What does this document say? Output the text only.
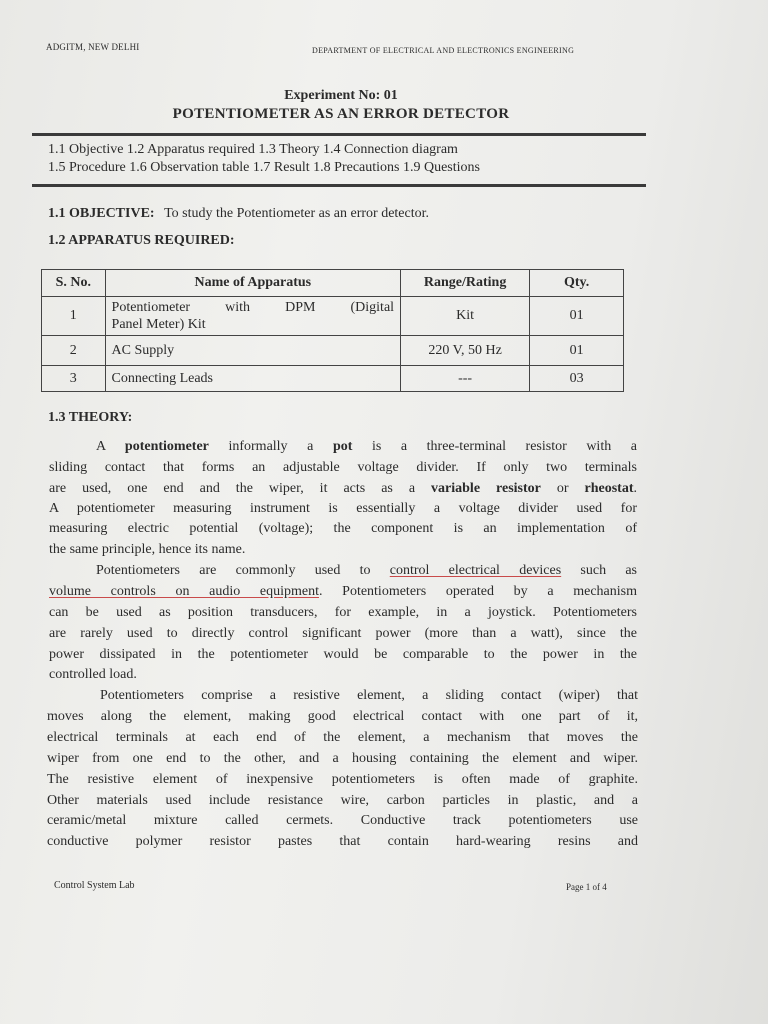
ADGITM, NEW DELHI	DEPARTMENT OF ELECTRICAL AND ELECTRONICS ENGINEERING
Experiment No: 01
POTENTIOMETER AS AN ERROR DETECTOR
1.1 Objective 1.2 Apparatus required 1.3 Theory 1.4 Connection diagram
1.5 Procedure 1.6 Observation table 1.7 Result 1.8 Precautions 1.9 Questions
1.1 OBJECTIVE: To study the Potentiometer as an error detector.
1.2 APPARATUS REQUIRED:
S. No.	Name of Apparatus	Range/Rating	Qty.
1	Potentiometer with DPM (Digital
Panel Meter) Kit	Kit	01
2	AC Supply	220 V, 50 Hz	01
3	Connecting Leads	---	03
1.3 THEORY:
A potentiometer informally a pot is a three-terminal resistor with a
sliding contact that forms an adjustable voltage divider. If only two terminals
are used, one end and the wiper, it acts as a variable resistor or rheostat.
A potentiometer measuring instrument is essentially a voltage divider used for
measuring electric potential (voltage); the component is an implementation of
the same principle, hence its name.
Potentiometers are commonly used to control electrical devices such as
volume controls on audio equipment. Potentiometers operated by a mechanism
can be used as position transducers, for example, in a joystick. Potentiometers
are rarely used to directly control significant power (more than a watt), since the
power dissipated in the potentiometer would be comparable to the power in the
controlled load.
Potentiometers comprise a resistive element, a sliding contact (wiper) that
moves along the element, making good electrical contact with one part of it,
electrical terminals at each end of the element, a mechanism that moves the
wiper from one end to the other, and a housing containing the element and wiper.
The resistive element of inexpensive potentiometers is often made of graphite.
Other materials used include resistance wire, carbon particles in plastic, and a
ceramic/metal mixture called cermets. Conductive track potentiometers use
conductive polymer resistor pastes that contain hard-wearing resins and
Control System Lab	Page 1 of 4
